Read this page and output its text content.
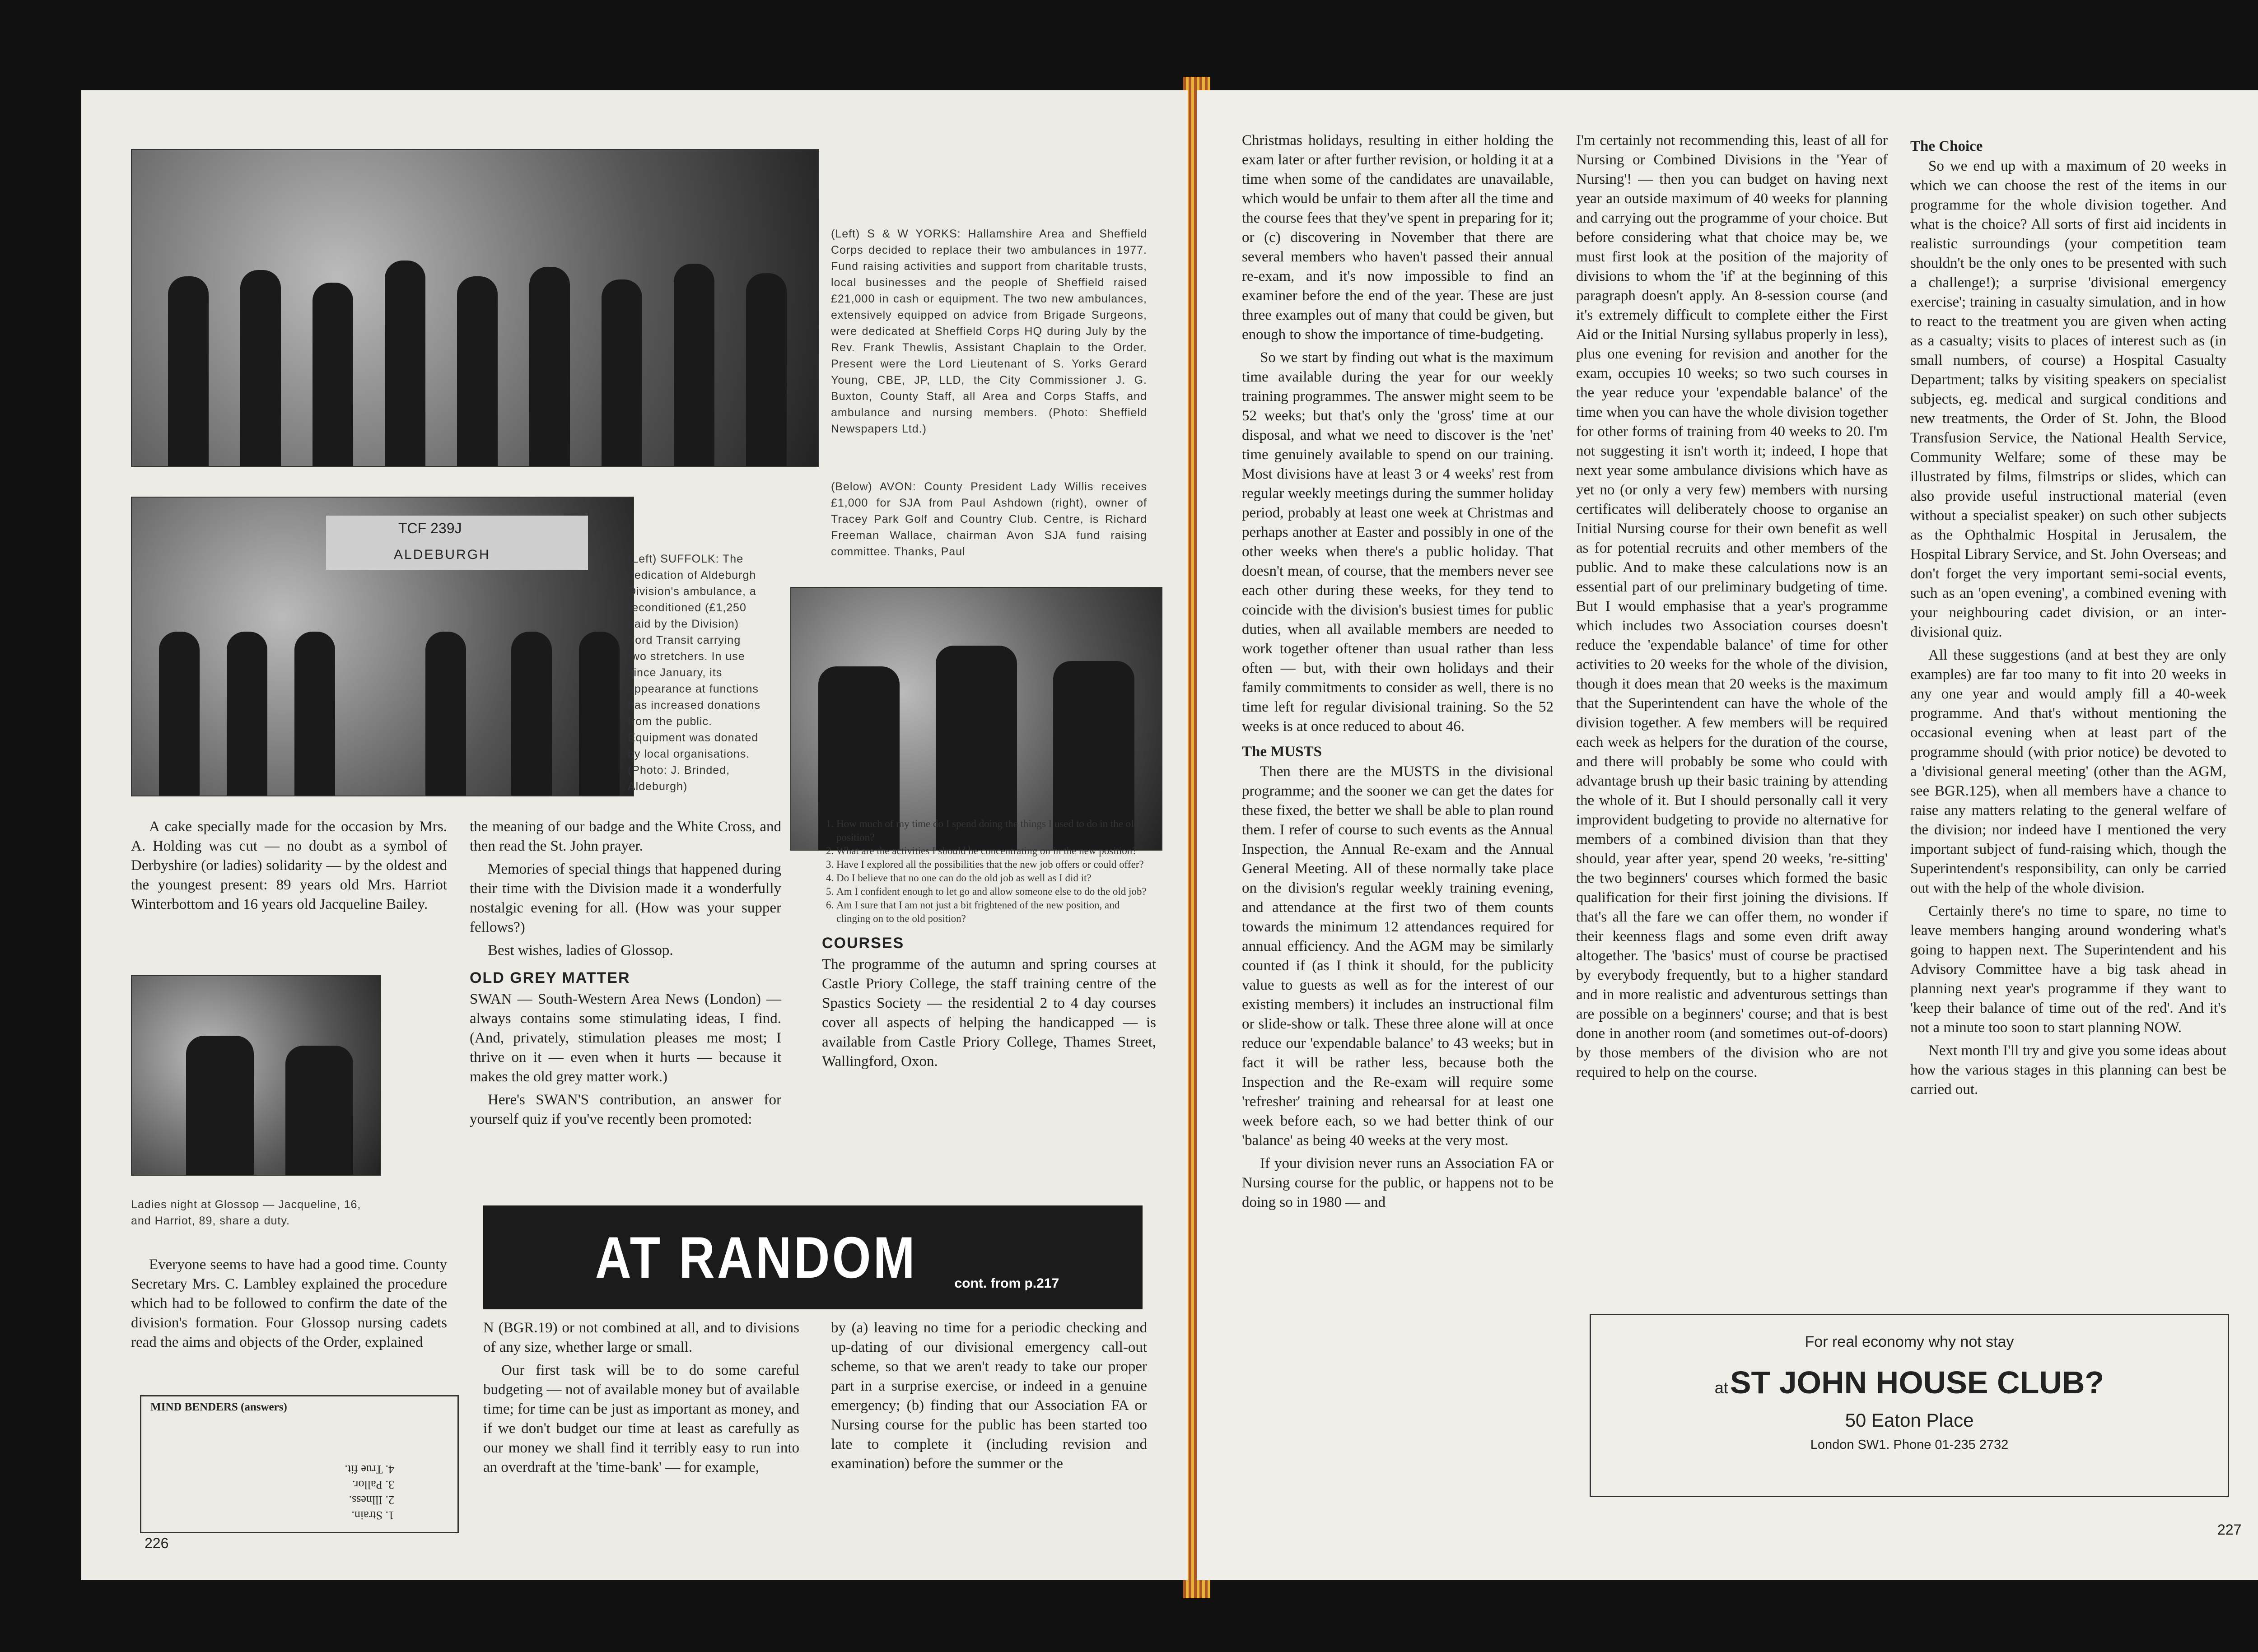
(Left) S & W YORKS: Hallamshire Area and Sheffield Corps decided to replace their two ambulances in 1977. Fund raising activities and support from charitable trusts, local businesses and the people of Sheffield raised £21,000 in cash or equipment. The two new ambulances, extensively equipped on advice from Brigade Surgeons, were dedicated at Sheffield Corps HQ during July by the Rev. Frank Thewlis, Assistant Chaplain to the Order. Present were the Lord Lieutenant of S. Yorks Gerard Young, CBE, JP, LLD, the City Commissioner J. G. Buxton, County Staff, all Area and Corps Staffs, and ambulance and nursing members. (Photo: Sheffield Newspapers Ltd.)
(Below) AVON: County President Lady Willis receives £1,000 for SJA from Paul Ashdown (right), owner of Tracey Park Golf and Country Club. Centre, is Richard Freeman Wallace, chairman Avon SJA fund raising committee. Thanks, Paul
TCF 239J
ALDEBURGH	(Left) SUFFOLK: The dedication of Aldeburgh Division's ambulance, a reconditioned (£1,250 paid by the Division) Ford Transit carrying two stretchers. In use since January, its appearance at functions has increased donations from the public. Equipment was donated by local organisations. (Photo: J. Brinded, Aldeburgh)

A cake specially made for the occasion by Mrs. A. Holding was cut — no doubt as a symbol of Derbyshire (or ladies) solidarity — by the oldest and the youngest present: 89 years old Mrs. Harriot Winterbottom and 16 years old Jacqueline Bailey.

Ladies night at Glossop — Jacqueline, 16, and Harriot, 89, share a duty.

Everyone seems to have had a good time. County Secretary Mrs. C. Lambley explained the procedure which had to be followed to confirm the date of the division's formation. Four Glossop nursing cadets read the aims and objects of the Order, explained

the meaning of our badge and the White Cross, and then read the St. John prayer.

Memories of special things that happened during their time with the Division made it a wonderfully nostalgic evening for all. (How was your supper fellows?)

Best wishes, ladies of Glossop.

OLD GREY MATTER

SWAN — South-Western Area News (London) — always contains some stimulating ideas, I find. (And, privately, stimulation pleases me most; I thrive on it — even when it hurts — because it makes the old grey matter work.)

Here's SWAN'S contribution, an answer for yourself quiz if you've recently been promoted:

1. How much of my time do I spend doing the things I used to do in the old position?
2. What are the activities I should be concentrating on in the new position?
3. Have I explored all the possibilities that the new job offers or could offer?
4. Do I believe that no one can do the old job as well as I did it?
5. Am I confident enough to let go and allow someone else to do the old job?
6. Am I sure that I am not just a bit frightened of the new position, and clinging on to the old position?
COURSES

The programme of the autumn and spring courses at Castle Priory College, the staff training centre of the Spastics Society — the residential 2 to 4 day courses cover all aspects of helping the handicapped — is available from Castle Priory College, Thames Street, Wallingford, Oxon.

AT RANDOM	cont. from p.217

N (BGR.19) or not combined at all, and to divisions of any size, whether large or small.

Our first task will be to do some careful budgeting — not of available money but of available time; for time can be just as important as money, and if we don't budget our time at least as carefully as our money we shall find it terribly easy to run into an overdraft at the 'time-bank' — for example,

by (a) leaving no time for a periodic checking and up-dating of our divisional emergency call-out scheme, so that we aren't ready to take our proper part in a surprise exercise, or indeed in a genuine emergency; (b) finding that our Association FA or Nursing course for the public has been started too late to complete it (including revision and examination) before the summer or the

MIND BENDERS (answers)
1. Strain.
2. Illness.
3. Pallor.
4. True fit.
226

Christmas holidays, resulting in either holding the exam later or after further revision, or holding it at a time when some of the candidates are unavailable, which would be unfair to them after all the time and the course fees that they've spent in preparing for it; or (c) discovering in November that there are several members who haven't passed their annual re-exam, and it's now impossible to find an examiner before the end of the year. These are just three examples out of many that could be given, but enough to show the importance of time-budgeting.

So we start by finding out what is the maximum time available during the year for our weekly training programmes. The answer might seem to be 52 weeks; but that's only the 'gross' time at our disposal, and what we need to discover is the 'net' time genuinely available to spend on our training. Most divisions have at least 3 or 4 weeks' rest from regular weekly meetings during the summer holiday period, probably at least one week at Christmas and perhaps another at Easter and possibly in one of the other weeks when there's a public holiday. That doesn't mean, of course, that the members never see each other during these weeks, for they tend to coincide with the division's busiest times for public duties, when all available members are needed to work together oftener than usual rather than less often — but, with their own holidays and their family commitments to consider as well, there is no time left for regular divisional training. So the 52 weeks is at once reduced to about 46.

The MUSTS

Then there are the MUSTS in the divisional programme; and the sooner we can get the dates for these fixed, the better we shall be able to plan round them. I refer of course to such events as the Annual Inspection, the Annual Re-exam and the Annual General Meeting. All of these normally take place on the division's regular weekly training evening, and attendance at the first two of them counts towards the minimum 12 attendances required for annual efficiency. And the AGM may be similarly counted if (as I think it should, for the publicity value to guests as well as for the interest of our existing members) it includes an instructional film or slide-show or talk. These three alone will at once reduce our 'expendable balance' to 43 weeks; but in fact it will be rather less, because both the Inspection and the Re-exam will require some 'refresher' training and rehearsal for at least one week before each, so we had better think of our 'balance' as being 40 weeks at the very most.

If your division never runs an Association FA or Nursing course for the public, or happens not to be doing so in 1980 — and

I'm certainly not recommending this, least of all for Nursing or Combined Divisions in the 'Year of Nursing'! — then you can budget on having next year an outside maximum of 40 weeks for planning and carrying out the programme of your choice. But before considering what that choice may be, we must first look at the position of the majority of divisions to whom the 'if' at the beginning of this paragraph doesn't apply. An 8-session course (and it's extremely difficult to complete either the First Aid or the Initial Nursing syllabus properly in less), plus one evening for revision and another for the exam, occupies 10 weeks; so two such courses in the year reduce your 'expendable balance' of the time when you can have the whole division together for other forms of training from 40 weeks to 20. I'm not suggesting it isn't worth it; indeed, I hope that next year some ambulance divisions which have as yet no (or only a very few) members with nursing certificates will deliberately choose to organise an Initial Nursing course for their own benefit as well as for potential recruits and other members of the public. And to make these calculations now is an essential part of our preliminary budgeting of time. But I would emphasise that a year's programme which includes two Association courses doesn't reduce the 'expendable balance' of time for other activities to 20 weeks for the whole of the division, though it does mean that 20 weeks is the maximum that the Superintendent can have the whole of the division together. A few members will be required each week as helpers for the duration of the course, and there will probably be some who could with advantage brush up their basic training by attending the whole of it. But I should personally call it very improvident budgeting to provide no alternative for members of a combined division than that they should, year after year, spend 20 weeks, 're-sitting' the two beginners' courses which formed the basic qualification for their first joining the divisions. If that's all the fare we can offer them, no wonder if their keenness flags and some even drift away altogether. The 'basics' must of course be practised by everybody frequently, but to a higher standard and in more realistic and adventurous settings than are possible on a beginners' course; and that is best done in another room (and sometimes out-of-doors) by those members of the division who are not required to help on the course.

The Choice

So we end up with a maximum of 20 weeks in which we can choose the rest of the items in our programme for the whole division together. And what is the choice? All sorts of first aid incidents in realistic surroundings (your competition team shouldn't be the only ones to be presented with such a challenge!); a surprise 'divisional emergency exercise'; training in casualty simulation, and in how to react to the treatment you are given when acting as a casualty; visits to places of interest such as (in small numbers, of course) a Hospital Casualty Department; talks by visiting speakers on specialist subjects, eg. medical and surgical conditions and new treatments, the Order of St. John, the Blood Transfusion Service, the National Health Service, Community Welfare; some of these may be illustrated by films, filmstrips or slides, which can also provide useful instructional material (even without a specialist speaker) on such other subjects as the Ophthalmic Hospital in Jerusalem, the Hospital Library Service, and St. John Overseas; and don't forget the very important semi-social events, such as an 'open evening', a combined evening with your neighbouring cadet division, or an inter-divisional quiz.

All these suggestions (and at best they are only examples) are far too many to fit into 20 weeks in any one year and would amply fill a 40-week programme. And that's without mentioning the occasional evening when at least part of the programme should (with prior notice) be devoted to a 'divisional general meeting' (other than the AGM, see BGR.125), when all members have a chance to raise any matters relating to the general welfare of the division; nor indeed have I mentioned the very important subject of fund-raising which, though the Superintendent's responsibility, can only be carried out with the help of the whole division.

Certainly there's no time to spare, no time to leave members hanging around wondering what's going to happen next. The Superintendent and his Advisory Committee have a big task ahead in planning next year's programme if they want to 'keep their balance of time out of the red'. And it's not a minute too soon to start planning NOW.

Next month I'll try and give you some ideas about how the various stages in this planning can best be carried out.

For real economy why not stay
at ST JOHN HOUSE CLUB?
50 Eaton Place
London SW1. Phone 01-235 2732
227
